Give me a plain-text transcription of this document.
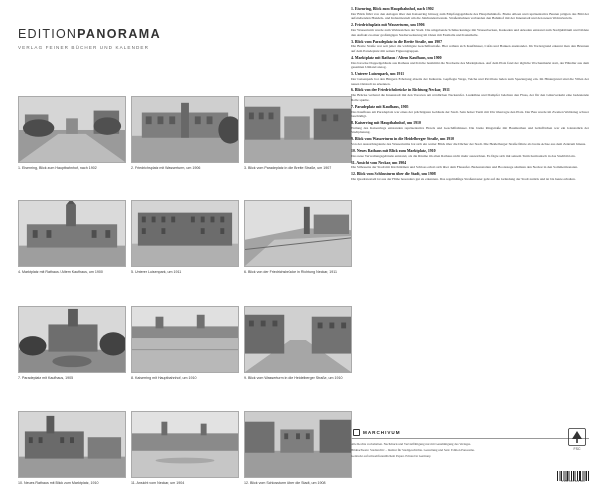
EDITIONPANORAMA
VERLAG FEINER BÜCHER UND KALENDER
1. Eisenring, Blick zum Hauptbahnhof, nach 1902	2. Friedrichsplatz mit Wasserturm, um 1906	3. Blick vom Paradeplatz in die Breite Straße, um 1907
4. Marktplatz mit Rathaus / Altem Kaufhaus, um 1900	5. Unterer Luisenpark, um 1911	6. Blick von der Friedrichsbrücke in Richtung Neckar, 1911
7. Paradeplatz mit Kaufhaus, 1905	8. Kaiserring mit Hauptbahnhof, um 1910	9. Blick vom Wasserturm in die Heidelberger Straße, um 1910
10. Neues Rathaus mit Blick zum Marktplatz, 1910	11. Ansicht vom Neckar, um 1904	12. Blick vom Schlossturm über die Stadt, um 1908
1. Eisenring, Blick zum Hauptbahnhof, nach 1902
Der Blick führt von den Anlagen über den Kaiserring hinweg zum Empfangsgebäude des Hauptbahnhofs. Breite Alleen und repräsentative Bauten prägten das Bild der aufstrebenden Handels- und Industriestadt um die Jahrhundertwende. Straßenbahnen verbanden den Bahnhof mit der Innenstadt und den neuen Wohnvierteln.
2. Friedrichsplatz mit Wasserturm, um 1906
Der Wasserturm wurde zum Wahrzeichen der Stadt. Die umgebende Schmuckanlage mit Wasserbecken, Kaskaden und Arkaden entstand zum Stadtjubiläum und bildete den Auftakt zu einer großzügigen Stadterweiterung im Osten mit Festhalle und Kunsthalle.
3. Blick vom Paradeplatz in die Breite Straße, um 1907
Die Breite Straße war seit jeher die wichtigste Geschäftsstraße. Hier reihten sich Kaufhäuser, Cafés und Banken aneinander. Im Vordergrund erkennt man den Brunnen auf dem Paradeplatz mit seinen Figurengruppen.
4. Marktplatz mit Rathaus / Altem Kaufhaus, um 1900
Das barocke Doppelgebäude aus Rathaus und Kirche bestimmt die Nordseite des Marktplatzes. Auf dem Platz fand der tägliche Wochenmarkt statt, der Händler aus dem gesamten Umland anzog.
5. Unterer Luisenpark, um 1911
Der Luisenpark bot den Bürgern Erholung abseits der Industrie. Gepflegte Wege, Teiche und Pavillons luden zum Spaziergang ein. Im Hintergrund sind die Villen der neuen Oststadt zu erkennen.
6. Blick von der Friedrichsbrücke in Richtung Neckar, 1911
Die Brücke verband die Innenstadt mit den Vororten am nördlichen Neckarufer. Lastkähne und Dampfer belebten den Fluss, der für den Güterverkehr eine bedeutende Rolle spielte.
7. Paradeplatz mit Kaufhaus, 1905
Das Kaufhaus am Paradeplatz war eines der prächtigsten Gebäude der Stadt. Sein hoher Turm mit Uhr überragte den Platz. Der Bau wurde im Zweiten Weltkrieg schwer beschädigt.
8. Kaiserring mit Hauptbahnhof, um 1910
Entlang des Kaiserrings entstanden repräsentative Hotels und Geschäftshäuser. Die breite Ringstraße mit Baumreihen und Grünflächen war ein Glanzstück der Stadtplanung.
9. Blick vom Wasserturm in die Heidelberger Straße, um 1910
Von der Aussichtsgalerie des Wasserturms bot sich ein weiter Blick über die Dächer der Stadt. Die Heidelberger Straße führte als breite Achse aus dem Zentrum hinaus.
10. Neues Rathaus mit Blick zum Marktplatz, 1910
Das neue Verwaltungsgebäude entstand, als die Räume im alten Rathaus nicht mehr ausreichten. Es fügte sich mit seinem Turm harmonisch in das Stadtbild ein.
11. Ansicht vom Neckar, um 1904
Die Silhouette der Stadt mit Kirchtürmen und Schloss erhob sich über dem Flussufer. Badeanstalten und Bootsstege säumten den Neckar in den Sommermonaten.
12. Blick vom Schlossturm über die Stadt, um 1908
Die Quadratestadt ist aus der Höhe besonders gut zu erkennen. Das regelmäßige Straßenraster geht auf die Gründung der Stadt zurück und ist bis heute erhalten.
MARCHIVUM

Alle Rechte vorbehalten. Nachdruck und Vervielfältigung nur mit Genehmigung des Verlages.

Bildnachweis: Stadtarchiv – Institut für Stadtgeschichte. Gestaltung und Satz: Edition Panorama.

Gedruckt auf umweltfreundlichem Papier. Printed in Germany.

FSC
4 260 039 123 456
